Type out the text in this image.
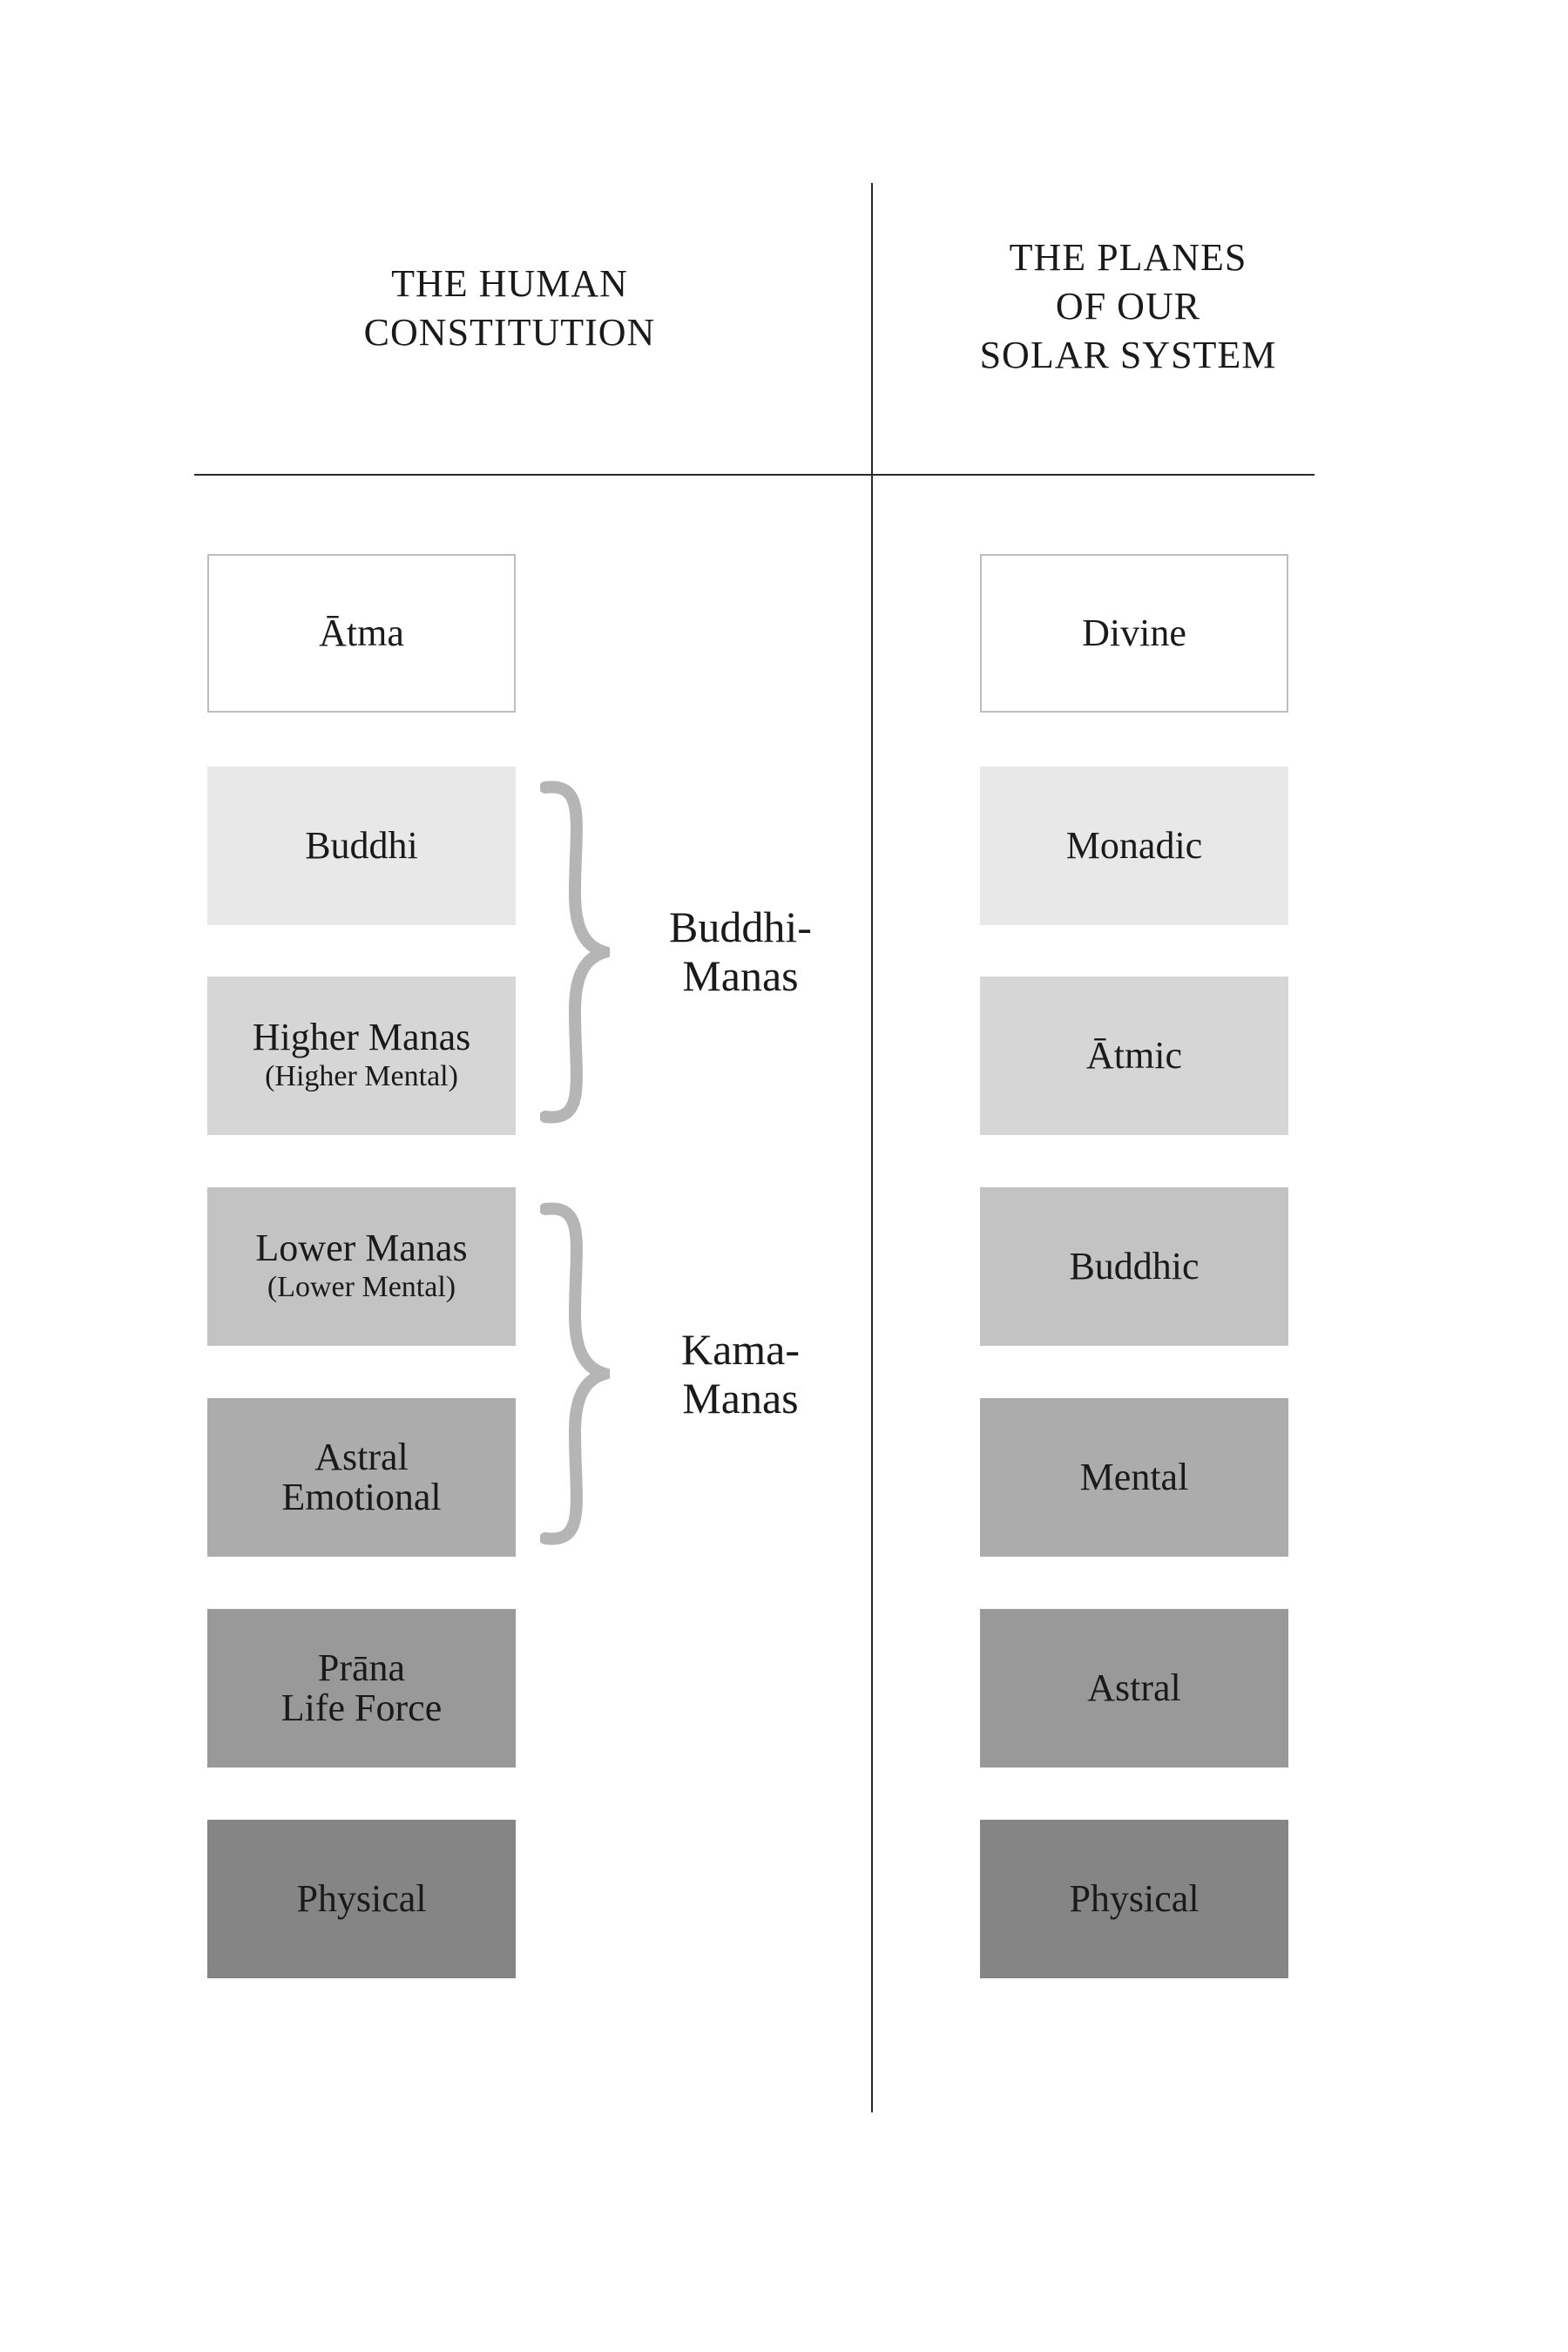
THE HUMAN
CONSTITUTION
THE PLANES
OF OUR
SOLAR SYSTEM
Ātma
Buddhi
Higher Manas
(Higher Mental)
Lower Manas
(Lower Mental)
Astral
Emotional
Prāna
Life Force
Physical
Buddhi-
Manas
Kama-
Manas
Divine
Monadic
Ātmic
Buddhic
Mental
Astral
Physical
